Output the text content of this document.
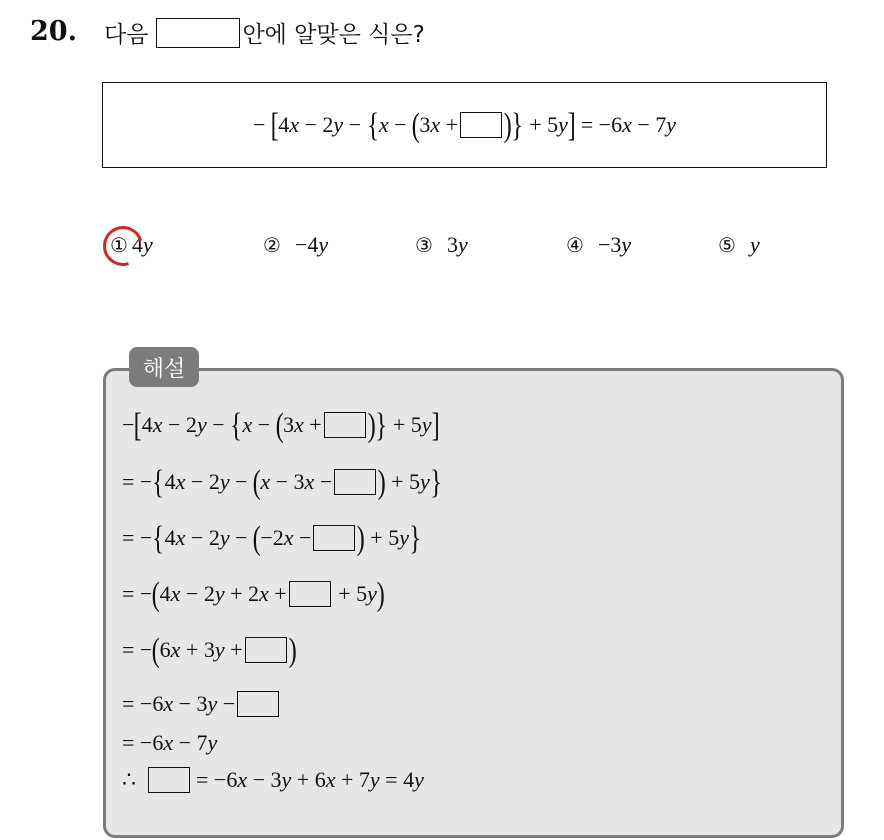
20. 다음	안에 알맞은 식은?
− [4x − 2y − {x − (3x + )} + 5y] = −6x − 7y
① 4 y	② −4 y	③ 3 y	④ −3 y	⑤ y
해설
−[4x − 2y − {x − (3x + )} + 5y]
= −{4x − 2y − (x − 3x − ) + 5y}
= −{4x − 2y − (−2x − ) + 5y}
= −(4x − 2y + 2x + + 5y)
= −(6x + 3y + )
= −6x − 3y −
= −6x − 7y
∴	= −6x − 3y + 6x + 7y = 4y
